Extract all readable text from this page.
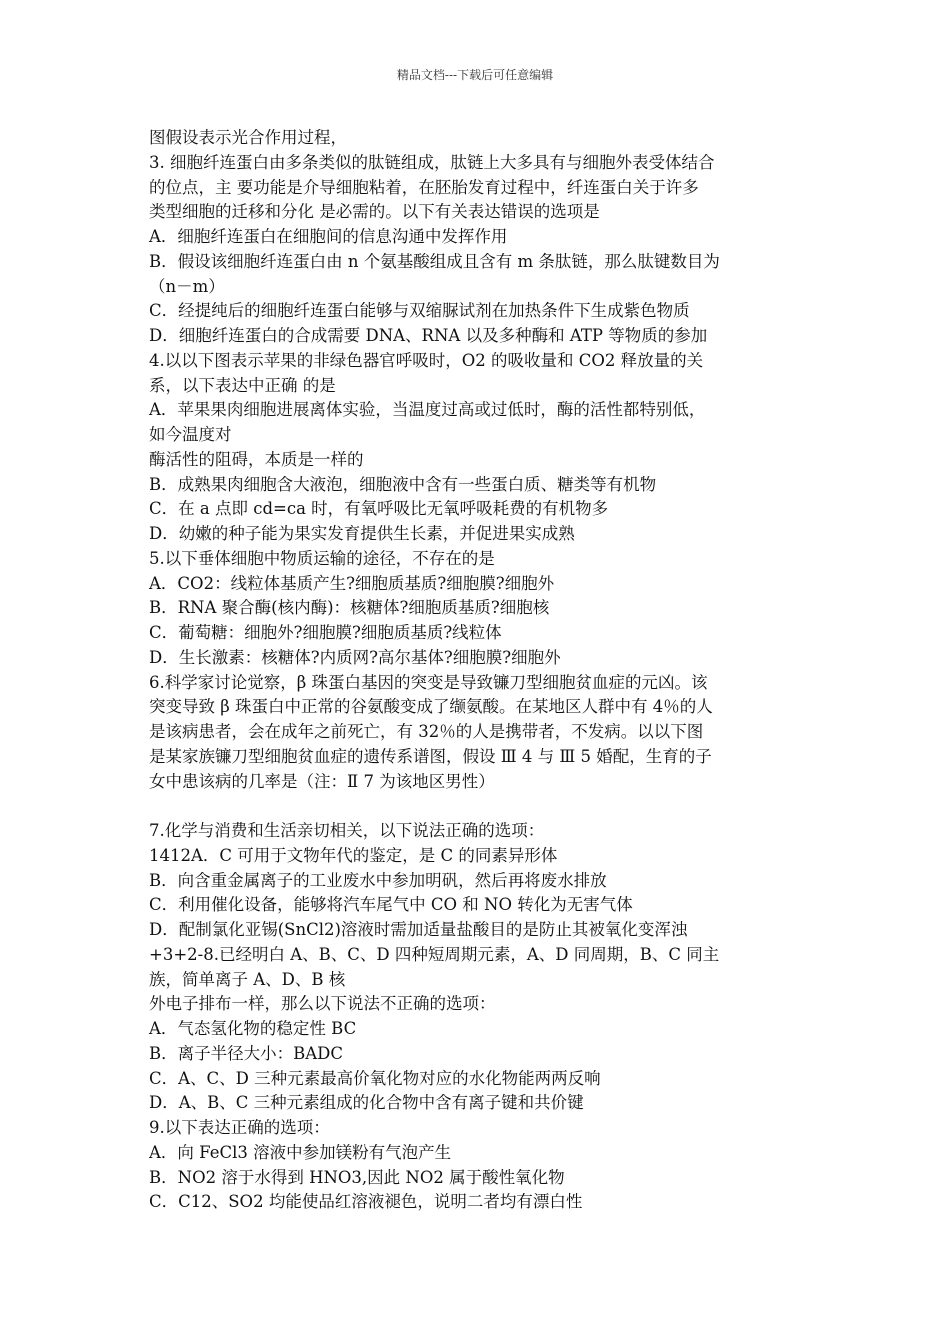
精品文档---下载后可任意编辑
图假设表示光合作用过程，
3. 细胞纤连蛋白由多条类似的肽链组成，肽链上大多具有与细胞外表受体结合
的位点，主 要功能是介导细胞粘着，在胚胎发育过程中，纤连蛋白关于许多
类型细胞的迁移和分化 是必需的。以下有关表达错误的选项是
A．细胞纤连蛋白在细胞间的信息沟通中发挥作用
B．假设该细胞纤连蛋白由 n 个氨基酸组成且含有 m 条肽链，那么肽键数目为
（n－m）
C．经提纯后的细胞纤连蛋白能够与双缩脲试剂在加热条件下生成紫色物质
D．细胞纤连蛋白的合成需要 DNA、RNA 以及多种酶和 ATP 等物质的参加
4.以以下图表示苹果的非绿色器官呼吸时，O2 的吸收量和 CO2 释放量的关
系，以下表达中正确 的是
A．苹果果肉细胞进展离体实验，当温度过高或过低时，酶的活性都特别低，
如今温度对
酶活性的阻碍，本质是一样的
B．成熟果肉细胞含大液泡，细胞液中含有一些蛋白质、糖类等有机物
C．在 a 点即 cd=ca 时，有氧呼吸比无氧呼吸耗费的有机物多
D．幼嫩的种子能为果实发育提供生长素，并促进果实成熟
5.以下垂体细胞中物质运输的途径，不存在的是
A．CO2：线粒体基质产生?细胞质基质?细胞膜?细胞外
B．RNA 聚合酶(核内酶)：核糖体?细胞质基质?细胞核
C．葡萄糖：细胞外?细胞膜?细胞质基质?线粒体
D．生长激素：核糖体?内质网?高尔基体?细胞膜?细胞外
6.科学家讨论觉察，β 珠蛋白基因的突变是导致镰刀型细胞贫血症的元凶。该
突变导致 β 珠蛋白中正常的谷氨酸变成了缬氨酸。在某地区人群中有 4％的人
是该病患者，会在成年之前死亡，有 32％的人是携带者，不发病。以以下图
是某家族镰刀型细胞贫血症的遗传系谱图，假设 Ⅲ 4 与 Ⅲ 5 婚配，生育的子
女中患该病的几率是（注：Ⅱ 7 为该地区男性）
7.化学与消费和生活亲切相关，以下说法正确的选项：
1412A．C 可用于文物年代的鉴定，是 C 的同素异形体
B．向含重金属离子的工业废水中参加明矾，然后再将废水排放
C．利用催化设备，能够将汽车尾气中 CO 和 NO 转化为无害气体
D．配制氯化亚锡(SnCl2)溶液时需加适量盐酸目的是防止其被氧化变浑浊
+3+2-8.已经明白 A、B、C、D 四种短周期元素，A、D 同周期，B、C 同主
族，简单离子 A、D、B 核
外电子排布一样，那么以下说法不正确的选项：
A．气态氢化物的稳定性 BC
B．离子半径大小：BADC
C．A、C、D 三种元素最高价氧化物对应的水化物能两两反响
D．A、B、C 三种元素组成的化合物中含有离子键和共价键
9.以下表达正确的选项：
A．向 FeCl3 溶液中参加镁粉有气泡产生
B．NO2 溶于水得到 HNO3,因此 NO2 属于酸性氧化物
C．C12、SO2 均能使品红溶液褪色，说明二者均有漂白性
